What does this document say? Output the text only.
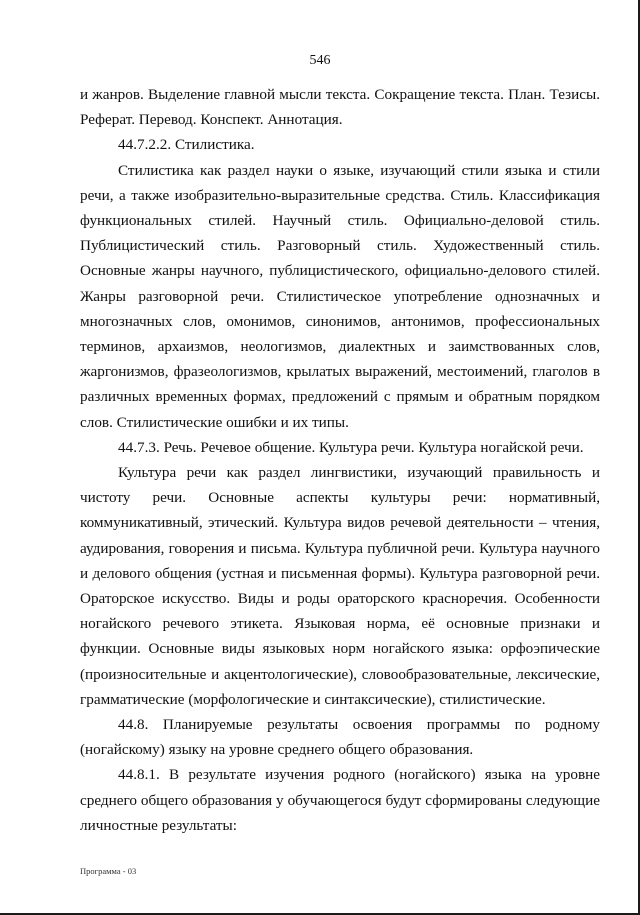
546

и жанров. Выделение главной мысли текста. Сокращение текста. План. Тезисы. Реферат. Перевод. Конспект. Аннотация.

44.7.2.2. Стилистика.

Стилистика как раздел науки о языке, изучающий стили языка и стили речи, а также изобразительно-выразительные средства. Стиль. Классификация функциональных стилей. Научный стиль. Официально-деловой стиль. Публицистический стиль. Разговорный стиль. Художественный стиль. Основные жанры научного, публицистического, официально-делового стилей. Жанры разговорной речи. Стилистическое употребление однозначных и многозначных слов, омонимов, синонимов, антонимов, профессиональных терминов, архаизмов, неологизмов, диалектных и заимствованных слов, жаргонизмов, фразеологизмов, крылатых выражений, местоимений, глаголов в различных временных формах, предложений с прямым и обратным порядком слов. Стилистические ошибки и их типы.

44.7.3. Речь. Речевое общение. Культура речи. Культура ногайской речи.

Культура речи как раздел лингвистики, изучающий правильность и чистоту речи. Основные аспекты культуры речи: нормативный, коммуникативный, этический. Культура видов речевой деятельности – чтения, аудирования, говорения и письма. Культура публичной речи. Культура научного и делового общения (устная и письменная формы). Культура разговорной речи. Ораторское искусство. Виды и роды ораторского красноречия. Особенности ногайского речевого этикета. Языковая норма, её основные признаки и функции. Основные виды языковых норм ногайского языка: орфоэпические (произносительные и акцентологические), словообразовательные, лексические, грамматические (морфологические и синтаксические), стилистические.

44.8. Планируемые результаты освоения программы по родному (ногайскому) языку на уровне среднего общего образования.

44.8.1. В результате изучения родного (ногайского) языка на уровне среднего общего образования у обучающегося будут сформированы следующие личностные результаты:

Программа - 03
